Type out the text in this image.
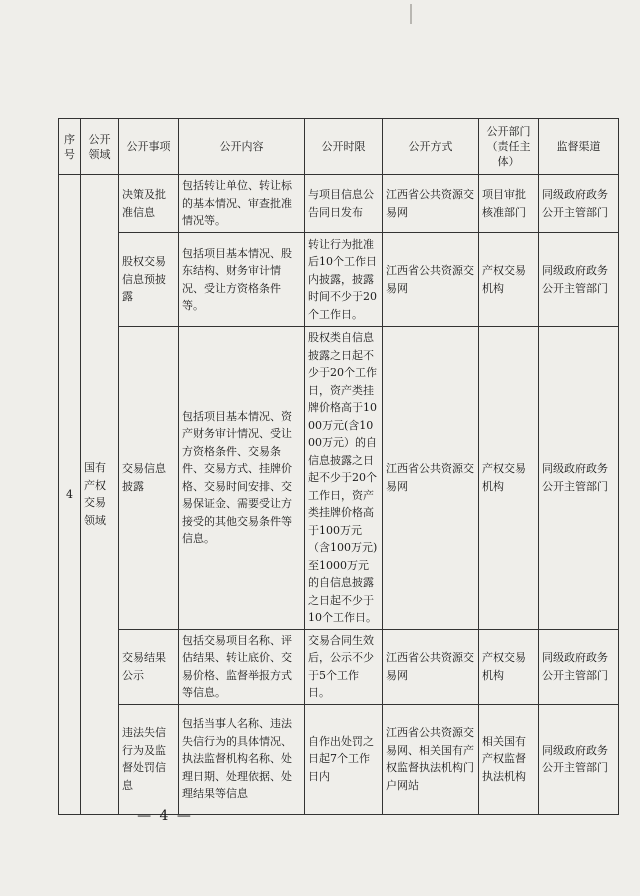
序号	公开领域	公开事项	公开内容	公开时限	公开方式	公开部门（责任主体）	监督渠道
4	国有产权交易领域	决策及批准信息	包括转让单位、转让标的基本情况、审查批准情况等。	与项目信息公告同日发布	江西省公共资源交易网	项目审批核准部门	同级政府政务公开主管部门
		股权交易信息预披露	包括项目基本情况、股东结构、财务审计情况、受让方资格条件等。	转让行为批准后10个工作日内披露，披露时间不少于20个工作日。	江西省公共资源交易网	产权交易机构	同级政府政务公开主管部门
		交易信息披露	包括项目基本情况、资产财务审计情况、受让方资格条件、交易条件、交易方式、挂牌价格、交易时间安排、交易保证金、需要受让方接受的其他交易条件等信息。	股权类自信息披露之日起不少于20个工作日，资产类挂牌价格高于1000万元(含1000万元）的自信息披露之日起不少于20个工作日，资产类挂牌价格高于100万元（含100万元)至1000万元的自信息披露之日起不少于10个工作日。	江西省公共资源交易网	产权交易机构	同级政府政务公开主管部门
		交易结果公示	包括交易项目名称、评估结果、转让底价、交易价格、监督举报方式等信息。	交易合同生效后，公示不少于5个工作日。	江西省公共资源交易网	产权交易机构	同级政府政务公开主管部门
		违法失信行为及监督处罚信息	包括当事人名称、违法失信行为的具体情况、执法监督机构名称、处理日期、处理依据、处理结果等信息	自作出处罚之日起7个工作日内	江西省公共资源交易网、相关国有产权监督执法机构门户网站	相关国有产权监督执法机构	同级政府政务公开主管部门
— 4 —
